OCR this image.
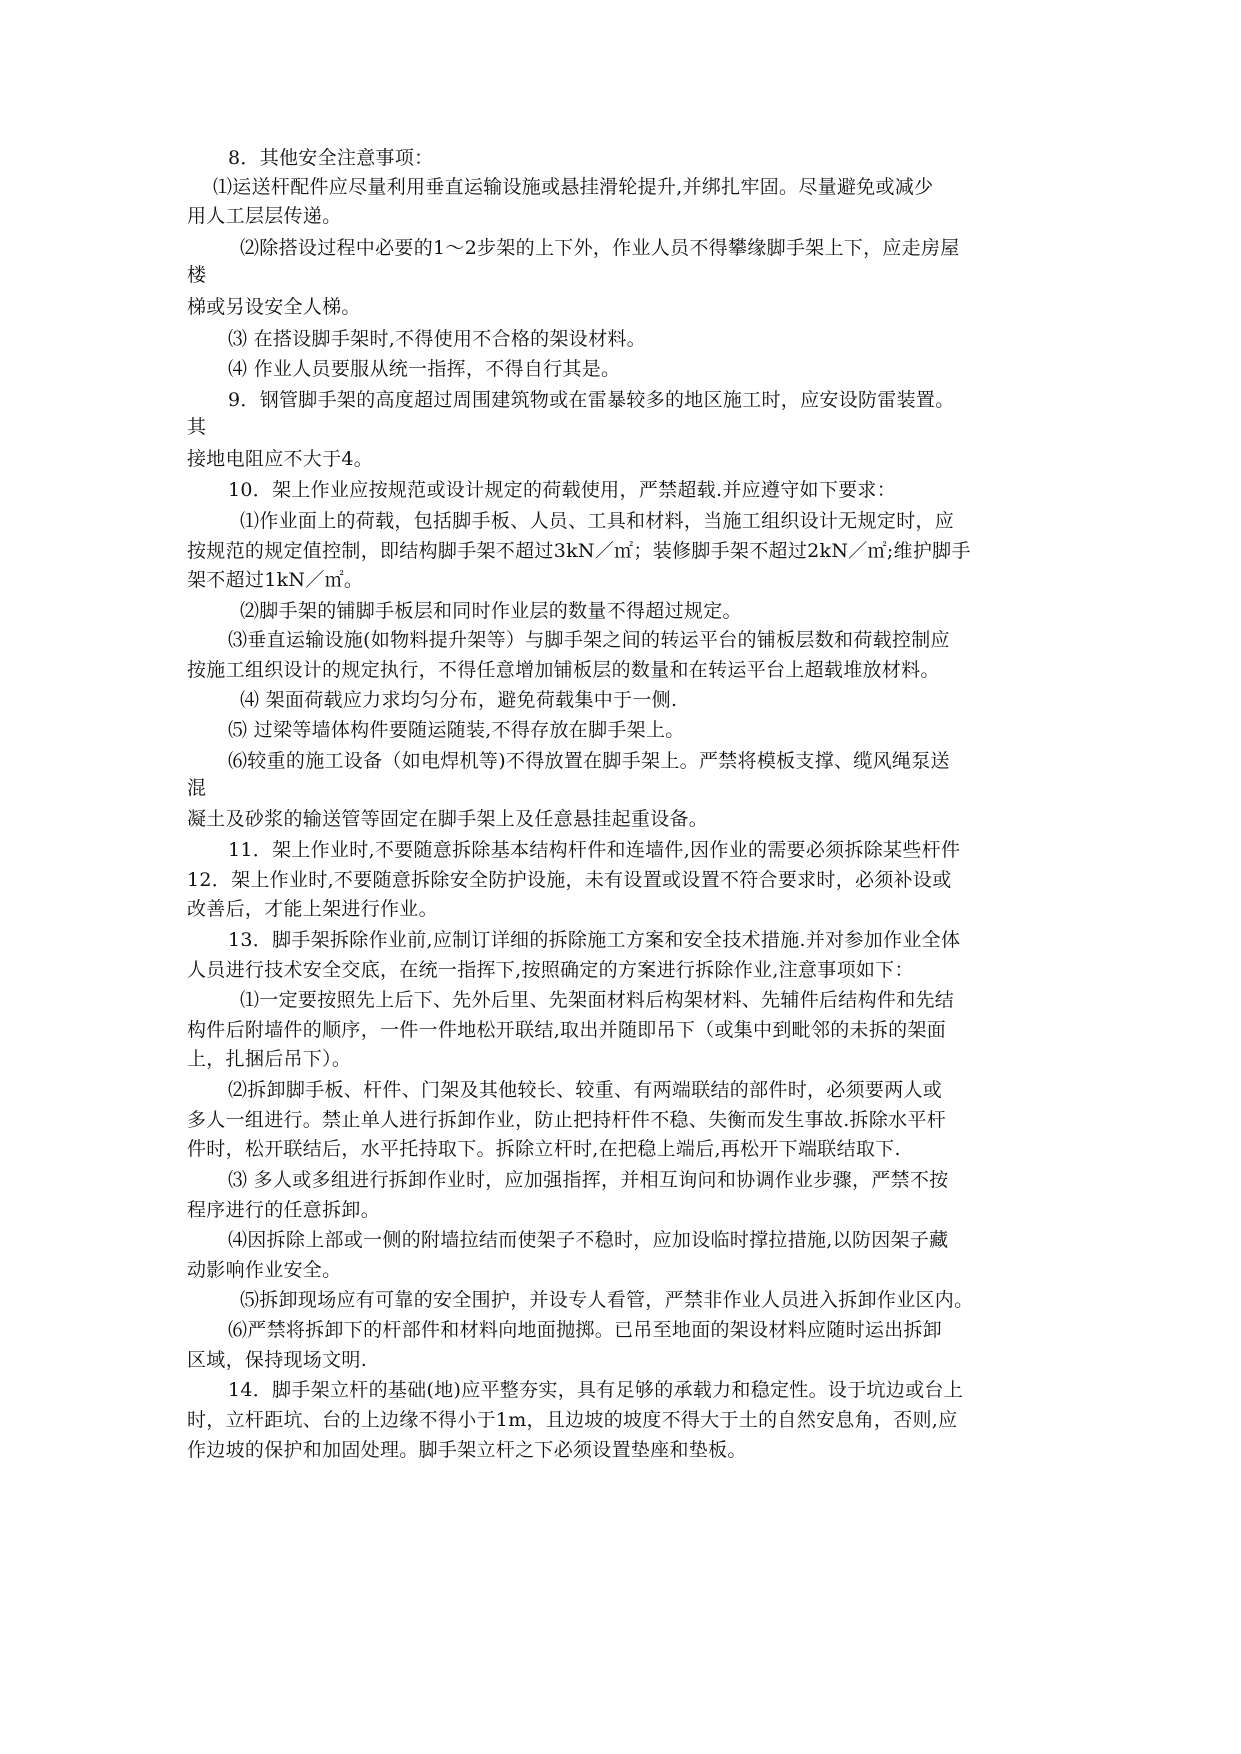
8．其他安全注意事项：
⑴运送杆配件应尽量利用垂直运输设施或悬挂滑轮提升,并绑扎牢固。尽量避免或减少
用人工层层传递。
⑵除搭设过程中必要的1～2步架的上下外，作业人员不得攀缘脚手架上下，应走房屋
楼
梯或另设安全人梯。
⑶ 在搭设脚手架时,不得使用不合格的架设材料。
⑷ 作业人员要服从统一指挥，不得自行其是。
9．钢管脚手架的高度超过周围建筑物或在雷暴较多的地区施工时，应安设防雷装置。
其
接地电阻应不大于4。
10．架上作业应按规范或设计规定的荷载使用，严禁超载.并应遵守如下要求：
⑴作业面上的荷载，包括脚手板、人员、工具和材料，当施工组织设计无规定时，应
按规范的规定值控制，即结构脚手架不超过3kN／㎡；装修脚手架不超过2kN／㎡;维护脚手
架不超过1kN／㎡。
⑵脚手架的铺脚手板层和同时作业层的数量不得超过规定。
⑶垂直运输设施(如物料提升架等）与脚手架之间的转运平台的铺板层数和荷载控制应
按施工组织设计的规定执行，不得任意增加铺板层的数量和在转运平台上超载堆放材料。
⑷ 架面荷载应力求均匀分布，避免荷载集中于一侧.
⑸ 过梁等墙体构件要随运随装,不得存放在脚手架上。
⑹较重的施工设备（如电焊机等)不得放置在脚手架上。严禁将模板支撑、缆风绳泵送
混
凝土及砂浆的输送管等固定在脚手架上及任意悬挂起重设备。
11．架上作业时,不要随意拆除基本结构杆件和连墙件,因作业的需要必须拆除某些杆件
12．架上作业时,不要随意拆除安全防护设施，未有设置或设置不符合要求时，必须补设或
改善后，才能上架进行作业。
13．脚手架拆除作业前,应制订详细的拆除施工方案和安全技术措施.并对参加作业全体
人员进行技术安全交底，在统一指挥下,按照确定的方案进行拆除作业,注意事项如下：
⑴一定要按照先上后下、先外后里、先架面材料后构架材料、先辅件后结构件和先结
构件后附墙件的顺序，一件一件地松开联结,取出并随即吊下（或集中到毗邻的未拆的架面
上，扎捆后吊下）。
⑵拆卸脚手板、杆件、门架及其他较长、较重、有两端联结的部件时，必须要两人或
多人一组进行。禁止单人进行拆卸作业，防止把持杆件不稳、失衡而发生事故.拆除水平杆
件时，松开联结后，水平托持取下。拆除立杆时,在把稳上端后,再松开下端联结取下.
⑶ 多人或多组进行拆卸作业时，应加强指挥，并相互询问和协调作业步骤，严禁不按
程序进行的任意拆卸。
⑷因拆除上部或一侧的附墙拉结而使架子不稳时，应加设临时撑拉措施,以防因架子藏
动影响作业安全。
⑸拆卸现场应有可靠的安全围护，并设专人看管，严禁非作业人员进入拆卸作业区内。
⑹严禁将拆卸下的杆部件和材料向地面抛掷。已吊至地面的架设材料应随时运出拆卸
区域，保持现场文明.
14．脚手架立杆的基础(地)应平整夯实，具有足够的承载力和稳定性。设于坑边或台上
时，立杆距坑、台的上边缘不得小于1m，且边坡的坡度不得大于土的自然安息角，否则,应
作边坡的保护和加固处理。脚手架立杆之下必须设置垫座和垫板。
